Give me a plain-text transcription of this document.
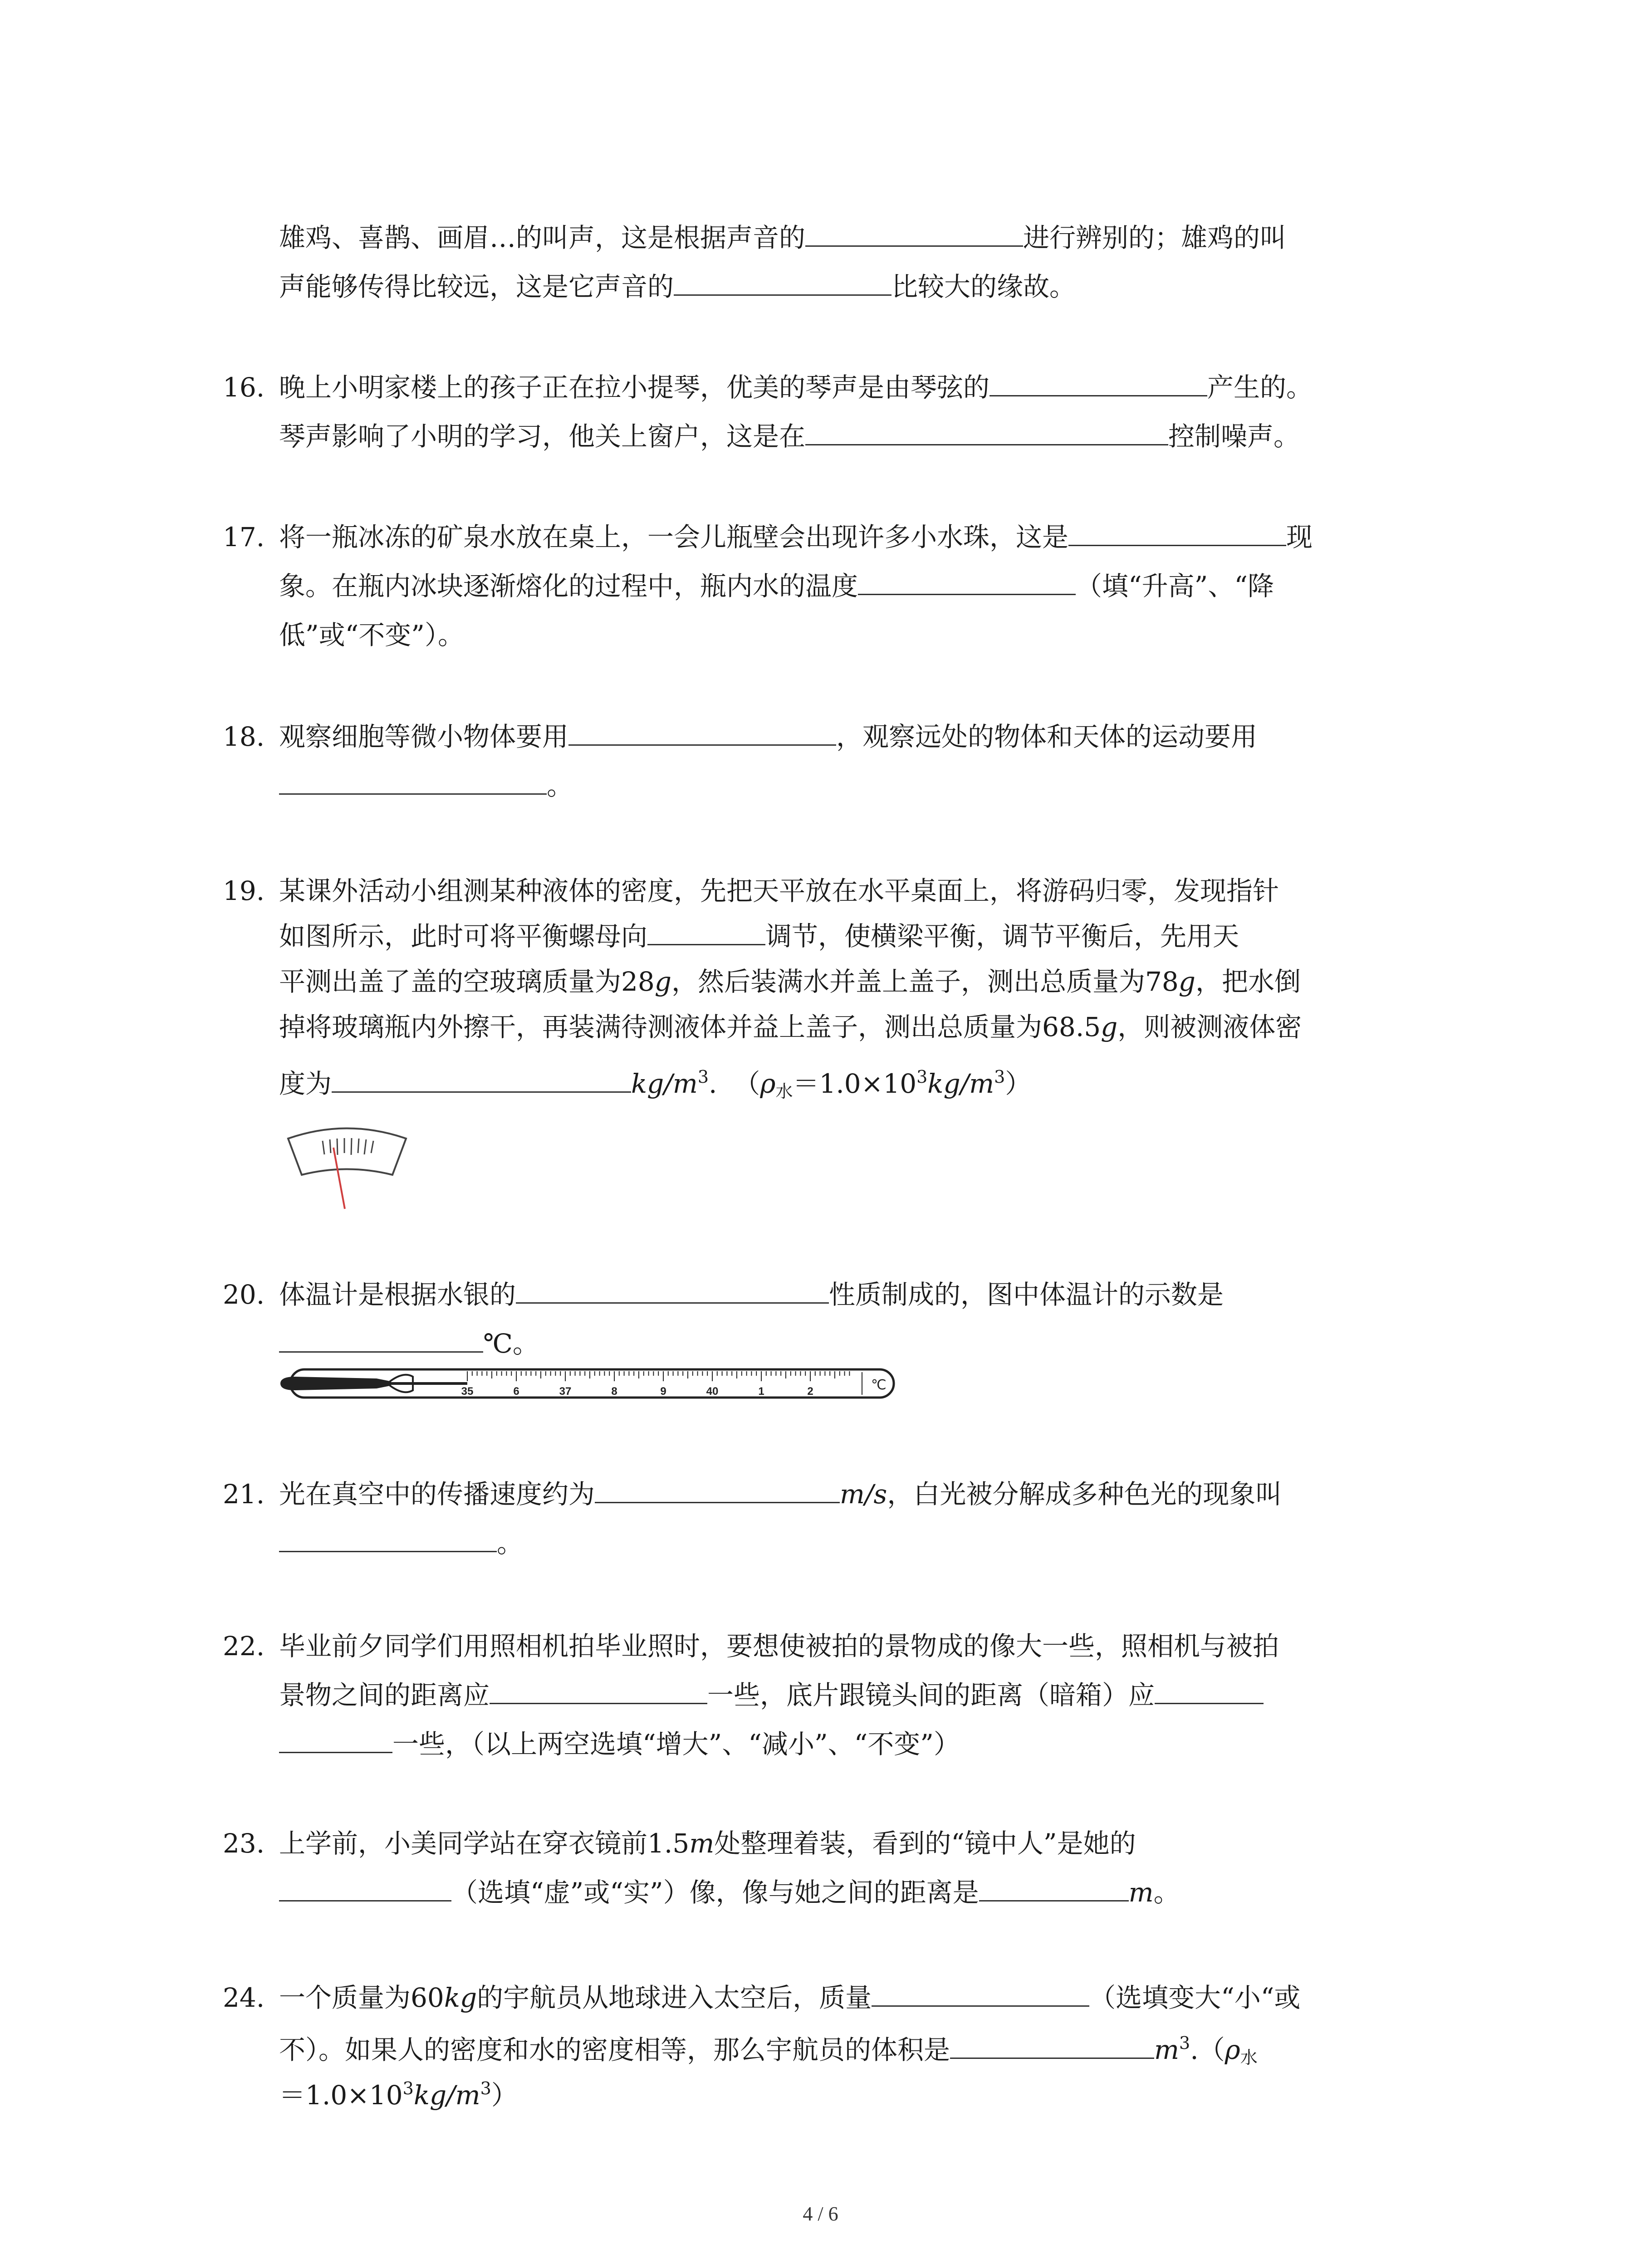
雄鸡、喜鹊、画眉…的叫声，这是根据声音的	进行辨别的；雄鸡的叫
声能够传得比较远，这是它声音的	比较大的缘故。
16. 晚上小明家楼上的孩子正在拉小提琴，优美的琴声是由琴弦的	产生的。
琴声影响了小明的学习，他关上窗户，这是在	控制噪声。
17. 将一瓶冰冻的矿泉水放在桌上，一会儿瓶壁会出现许多小水珠，这是	现
象。在瓶内冰块逐渐熔化的过程中，瓶内水的温度	（填“升高”、“降
低”或“不变”）。
18. 观察细胞等微小物体要用	，观察远处的物体和天体的运动要用
。
19. 某课外活动小组测某种液体的密度，先把天平放在水平桌面上，将游码归零，发现指针
如图所示，此时可将平衡螺母向	调节，使横梁平衡，调节平衡后，先用天
平测出盖了盖的空玻璃质量为28g，然后装满水并盖上盖子，测出总质量为78g，把水倒
掉将玻璃瓶内外擦干，再装满待测液体并益上盖子，测出总质量为68.5g，则被测液体密
度为	$kg/m^3$. $(\rho_水=1.0\times 10^3kg/m^3)$
20. 体温计是根据水银的	性质制成的，图中体温计的示数是
℃。
35	6	37	8	9	40	1	2	℃
21. 光在真空中的传播速度约为	m/s，白光被分解成多种色光的现象叫
。
22. 毕业前夕同学们用照相机拍毕业照时，要想使被拍的景物成的像大一些，照相机与被拍
景物之间的距离应	一些，底片跟镜头间的距离（暗箱）应
一些，（以上两空选填“增大”、“减小”、“不变”）
23. 上学前，小美同学站在穿衣镜前1.5m处整理着装，看到的“镜中人”是她的
（选填“虚”或“实”）像，像与她之间的距离是	m。
24. 一个质量为60kg的宇航员从地球进入太空后，质量	（选填变大“小“或
不）。如果人的密度和水的密度相等，那么宇航员的体积是	$m^3.(\rho_水$
$=1.0\times 10^3kg/m^3$）
4 / 6
